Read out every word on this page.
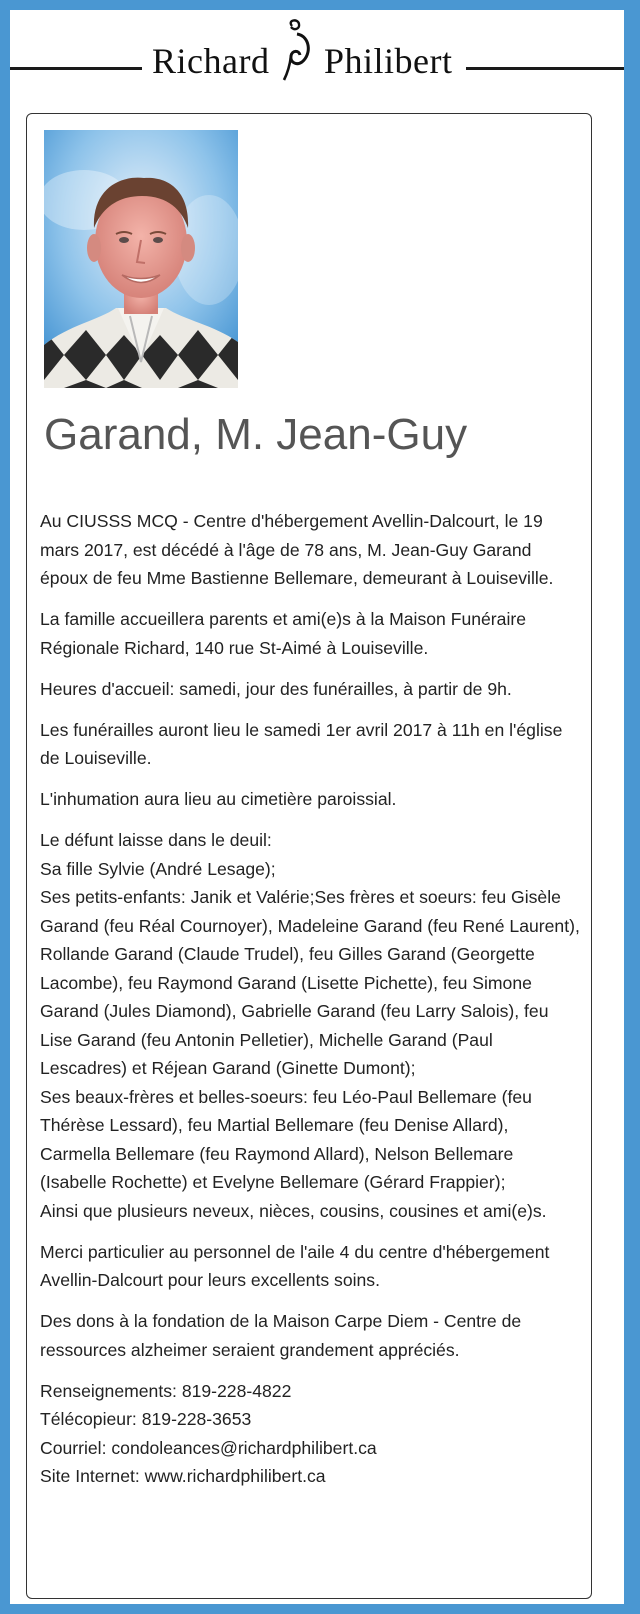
Richard Philibert
Garand, M. Jean-Guy

Au CIUSSS MCQ - Centre d'hébergement Avellin-Dalcourt, le 19 mars 2017, est décédé à l'âge de 78 ans, M. Jean-Guy Garand époux de feu Mme Bastienne Bellemare, demeurant à Louiseville.

La famille accueillera parents et ami(e)s à la Maison Funéraire Régionale Richard, 140 rue St-Aimé à Louiseville.

Heures d'accueil: samedi, jour des funérailles, à partir de 9h.

Les funérailles auront lieu le samedi 1er avril 2017 à 11h en l'église de Louiseville.

L'inhumation aura lieu au cimetière paroissial.

Le défunt laisse dans le deuil:
Sa fille Sylvie (André Lesage);
Ses petits-enfants: Janik et Valérie;Ses frères et soeurs: feu Gisèle Garand (feu Réal Cournoyer), Madeleine Garand (feu René Laurent), Rollande Garand (Claude Trudel), feu Gilles Garand (Georgette Lacombe), feu Raymond Garand (Lisette Pichette), feu Simone Garand (Jules Diamond), Gabrielle Garand (feu Larry Salois), feu Lise Garand (feu Antonin Pelletier), Michelle Garand (Paul Lescadres) et Réjean Garand (Ginette Dumont);
Ses beaux-frères et belles-soeurs: feu Léo-Paul Bellemare (feu Thérèse Lessard), feu Martial Bellemare (feu Denise Allard), Carmella Bellemare (feu Raymond Allard), Nelson Bellemare (Isabelle Rochette) et Evelyne Bellemare (Gérard Frappier);
Ainsi que plusieurs neveux, nièces, cousins, cousines et ami(e)s.

Merci particulier au personnel de l'aile 4 du centre d'hébergement Avellin-Dalcourt pour leurs excellents soins.

Des dons à la fondation de la Maison Carpe Diem - Centre de ressources alzheimer seraient grandement appréciés.

Renseignements: 819-228-4822

Télécopieur: 819-228-3653

Courriel: condoleances@richardphilibert.ca

Site Internet: www.richardphilibert.ca
